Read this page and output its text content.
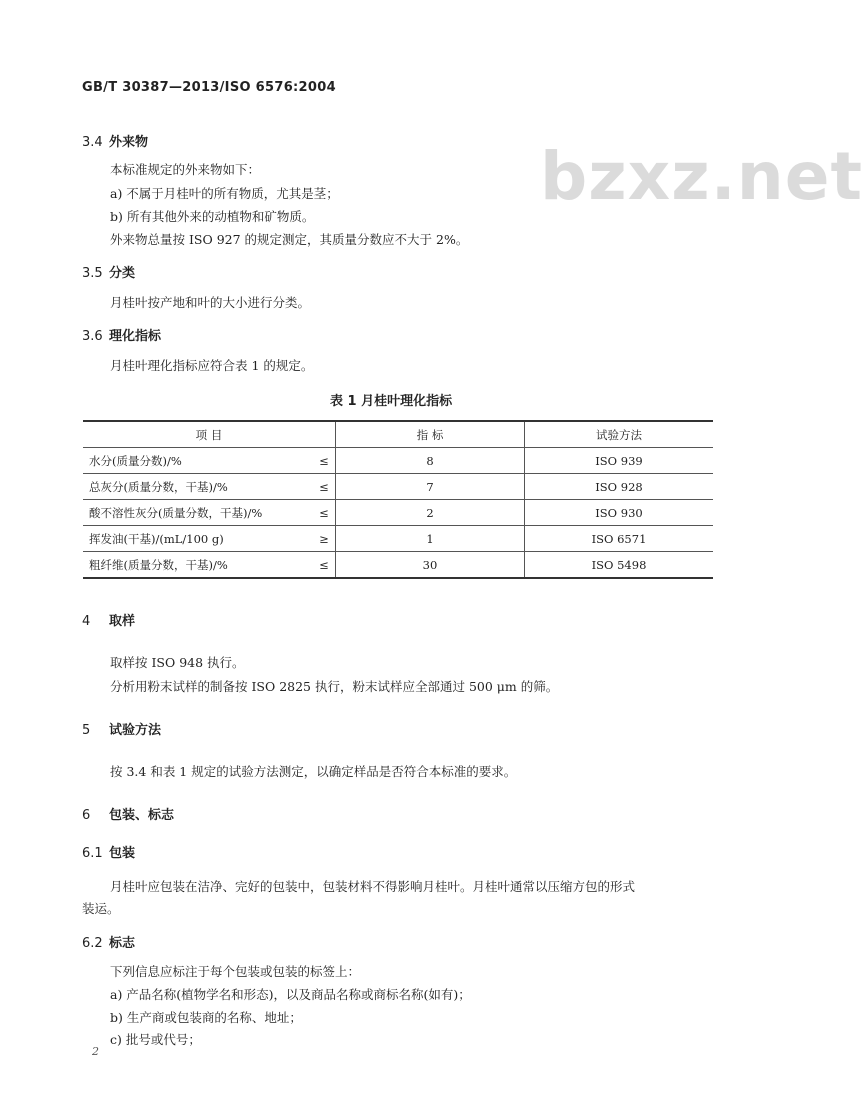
GB/T 30387—2013/ISO 6576:2004
bzxz.net
3.4 外来物
本标准规定的外来物如下：
a) 不属于月桂叶的所有物质，尤其是茎；
b) 所有其他外来的动植物和矿物质。
外来物总量按 ISO 927 的规定测定，其质量分数应不大于 2%。
3.5 分类
月桂叶按产地和叶的大小进行分类。
3.6 理化指标
月桂叶理化指标应符合表 1 的规定。
表 1 月桂叶理化指标
项 目		指 标	试验方法
水分(质量分数)/%	≤	8	ISO 939
总灰分(质量分数，干基)/%	≤	7	ISO 928
酸不溶性灰分(质量分数，干基)/%	≤	2	ISO 930
挥发油(干基)/(mL/100 g)	≥	1	ISO 6571
粗纤维(质量分数，干基)/%	≤	30	ISO 5498
4 取样
取样按 ISO 948 执行。
分析用粉末试样的制备按 ISO 2825 执行，粉末试样应全部通过 500 μm 的筛。
5 试验方法
按 3.4 和表 1 规定的试验方法测定，以确定样品是否符合本标准的要求。
6 包装、标志
6.1 包装
月桂叶应包装在洁净、完好的包装中，包装材料不得影响月桂叶。月桂叶通常以压缩方包的形式
装运。
6.2 标志
下列信息应标注于每个包装或包装的标签上：
a) 产品名称(植物学名和形态)，以及商品名称或商标名称(如有)；
b) 生产商或包装商的名称、地址；
c) 批号或代号；
2
